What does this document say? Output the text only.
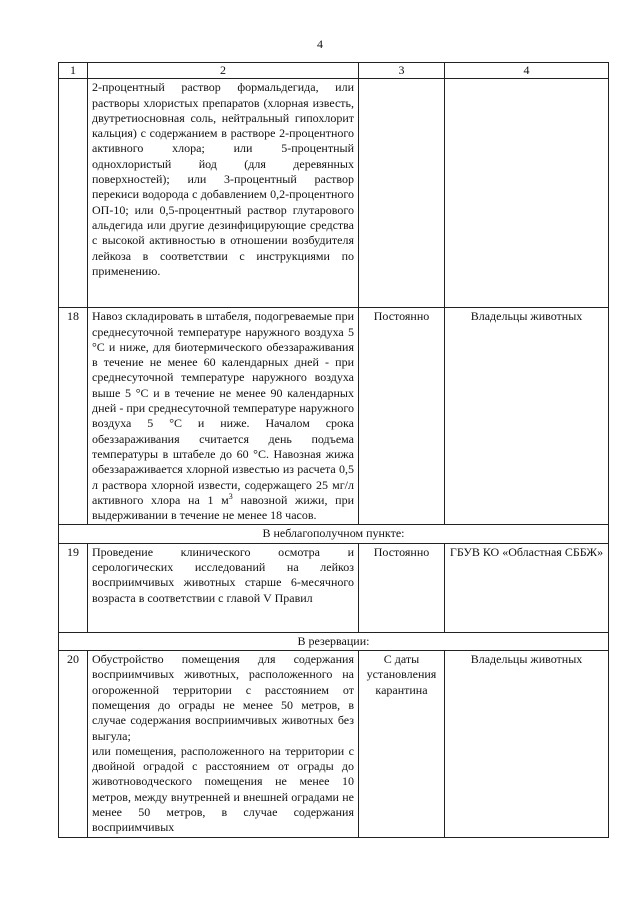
4
1	2	3	4
	2-процентный раствор формальдегида, или растворы хлористых препаратов (хлорная известь, двутретиосновная соль, нейтральный гипохлорит кальция) с содержанием в растворе 2-процентного активного хлора; или 5-процентный однохлористый йод (для деревянных поверхностей); или 3-процентный раствор перекиси водорода с добавлением 0,2-процентного ОП-10; или 0,5-процентный раствор глутарового альдегида или другие дезинфицирующие средства с высокой активностью в отношении возбудителя лейкоза в соответствии с инструкциями по применению.		
18	Навоз складировать в штабеля, подогреваемые при среднесуточной температуре наружного воздуха 5 °С и ниже, для биотермического обеззараживания в течение не менее 60 календарных дней - при среднесуточной температуре наружного воздуха выше 5 °С и в течение не менее 90 календарных дней - при среднесуточной температуре наружного воздуха 5 °С и ниже. Началом срока обеззараживания считается день подъема температуры в штабеле до 60 °С. Навозная жижа обеззараживается хлорной известью из расчета 0,5 л раствора хлорной извести, содержащего 25 мг/л активного хлора на 1 $м^3$ навозной жижи, при выдерживании в течение не менее 18 часов.	Постоянно	Владельцы животных
В неблагополучном пункте:			
19	Проведение клинического осмотра и серологических исследований на лейкоз восприимчивых животных старше 6-месячного возраста в соответствии с главой V Правил	Постоянно	ГБУВ КО «Областная СББЖ»
В резервации:			
20	Обустройство помещения для содержания восприимчивых животных, расположенного на огороженной территории с расстоянием от помещения до ограды не менее 50 метров, в случае содержания восприимчивых животных без выгула;
или помещения, расположенного на территории с двойной оградой с расстоянием от ограды до животноводческого помещения не менее 10 метров, между внутренней и внешней оградами не менее 50 метров, в случае содержания восприимчивых	С даты установления карантина	Владельцы животных
